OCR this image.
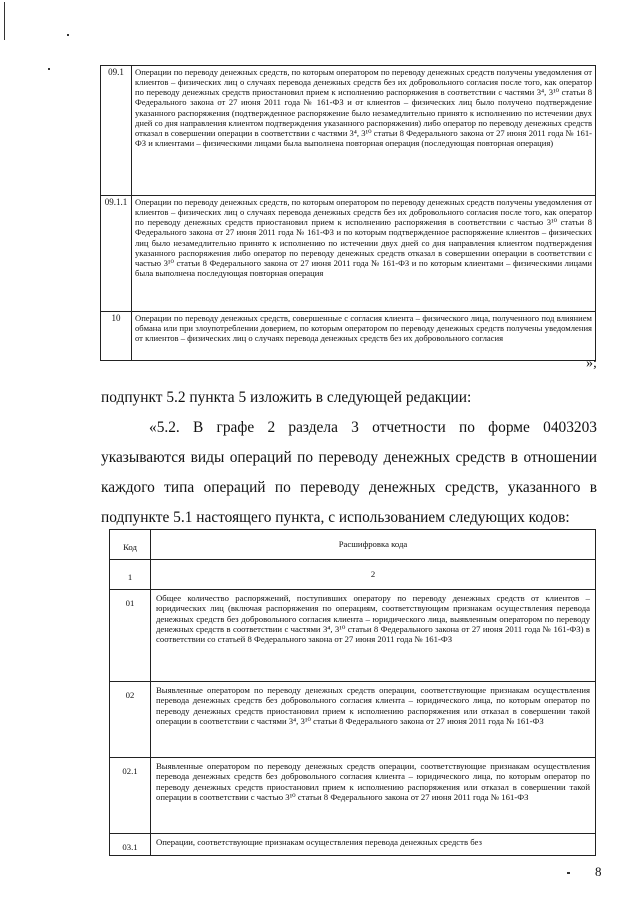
09.1	Операции по переводу денежных средств, по которым оператором по переводу денежных средств получены уведомления от клиентов – физических лиц о случаях перевода денежных средств без их добровольного согласия после того, как оператор по переводу денежных средств приостановил прием к исполнению распоряжения в соответствии с частями 3⁴, 3¹⁰ статьи 8 Федерального закона от 27 июня 2011 года № 161-ФЗ и от клиентов – физических лиц было получено подтверждение указанного распоряжения (подтвержденное распоряжение было незамедлительно принято к исполнению по истечении двух дней со дня направления клиентом подтверждения указанного распоряжения) либо оператор по переводу денежных средств отказал в совершении операции в соответствии с частями 3⁴, 3¹⁰ статьи 8 Федерального закона от 27 июня 2011 года № 161-ФЗ и клиентами – физическими лицами была выполнена повторная операция (последующая повторная операция)
09.1.1	Операции по переводу денежных средств, по которым оператором по переводу денежных средств получены уведомления от клиентов – физических лиц о случаях перевода денежных средств без их добровольного согласия после того, как оператор по переводу денежных средств приостановил прием к исполнению распоряжения в соответствии с частью 3¹⁰ статьи 8 Федерального закона от 27 июня 2011 года № 161-ФЗ и по которым подтвержденное распоряжение клиентов – физических лиц было незамедлительно принято к исполнению по истечении двух дней со дня направления клиентом подтверждения указанного распоряжения либо оператор по переводу денежных средств отказал в совершении операции в соответствии с частью 3¹⁰ статьи 8 Федерального закона от 27 июня 2011 года № 161-ФЗ и по которым клиентами – физическими лицами была выполнена последующая повторная операция
10	Операции по переводу денежных средств, совершенные с согласия клиента – физического лица, полученного под влиянием обмана или при злоупотреблении доверием, по которым оператором по переводу денежных средств получены уведомления от клиентов – физических лиц о случаях перевода денежных средств без их добровольного согласия
»;
подпункт 5.2 пункта 5 изложить в следующей редакции:
«5.2. В графе 2 раздела 3 отчетности по форме 0403203 указываются виды операций по переводу денежных средств в отношении каждого типа операций по переводу денежных средств, указанного в подпункте 5.1 настоящего пункта, с использованием следующих кодов:
Код	Расшифровка кода
1	2
01	Общее количество распоряжений, поступивших оператору по переводу денежных средств от клиентов – юридических лиц (включая распоряжения по операциям, соответствующим признакам осуществления перевода денежных средств без добровольного согласия клиента – юридического лица, выявленным оператором по переводу денежных средств в соответствии с частями 3⁴, 3¹⁰ статьи 8 Федерального закона от 27 июня 2011 года № 161-ФЗ) в соответствии со статьей 8 Федерального закона от 27 июня 2011 года № 161-ФЗ
02	Выявленные оператором по переводу денежных средств операции, соответствующие признакам осуществления перевода денежных средств без добровольного согласия клиента – юридического лица, по которым оператор по переводу денежных средств приостановил прием к исполнению распоряжения или отказал в совершении такой операции в соответствии с частями 3⁴, 3¹⁰ статьи 8 Федерального закона от 27 июня 2011 года № 161-ФЗ
02.1	Выявленные оператором по переводу денежных средств операции, соответствующие признакам осуществления перевода денежных средств без добровольного согласия клиента – юридического лица, по которым оператор по переводу денежных средств приостановил прием к исполнению распоряжения или отказал в совершении такой операции в соответствии с частью 3¹⁰ статьи 8 Федерального закона от 27 июня 2011 года № 161-ФЗ
03.1	Операции, соответствующие признакам осуществления перевода денежных средств без
8
